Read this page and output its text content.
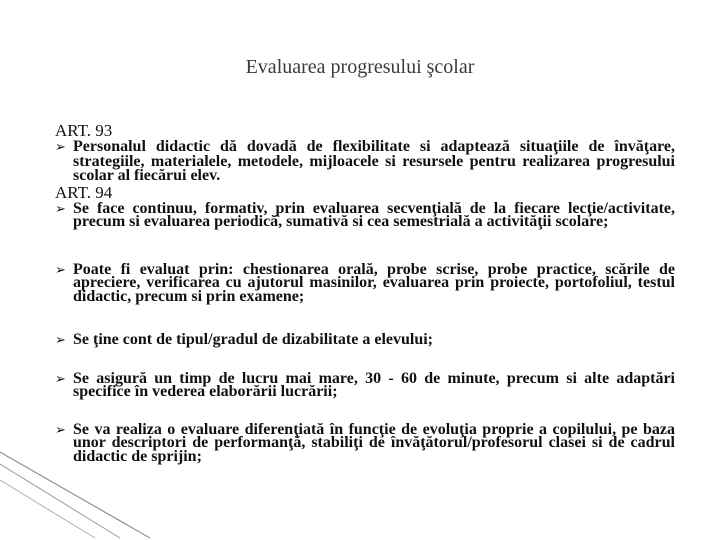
Evaluarea progresului şcolar
ART. 93
➢ Personalul didactic dă dovadă de flexibilitate si adaptează situaţiile de învăţare, strategiile, materialele, metodele, mijloacele si resursele pentru realizarea progresului scolar al fiecărui elev.
ART. 94
➢ Se face continuu, formativ, prin evaluarea secvenţială de la fiecare lecţie/activitate, precum si evaluarea periodică, sumativă si cea semestrială a activităţii scolare;
➢ Poate fi evaluat prin: chestionarea orală, probe scrise, probe practice, scările de apreciere, verificarea cu ajutorul masinilor, evaluarea prin proiecte, portofoliul, testul didactic, precum si prin examene;
➢ Se ţine cont de tipul/gradul de dizabilitate a elevului;
➢ Se asigură un timp de lucru mai mare, 30 - 60 de minute, precum si alte adaptări specifice în vederea elaborării lucrării;
➢ Se va realiza o evaluare diferenţiată în funcţie de evoluţia proprie a copilului, pe baza unor descriptori de performanţă, stabiliţi de învăţătorul/profesorul clasei si de cadrul didactic de sprijin;
